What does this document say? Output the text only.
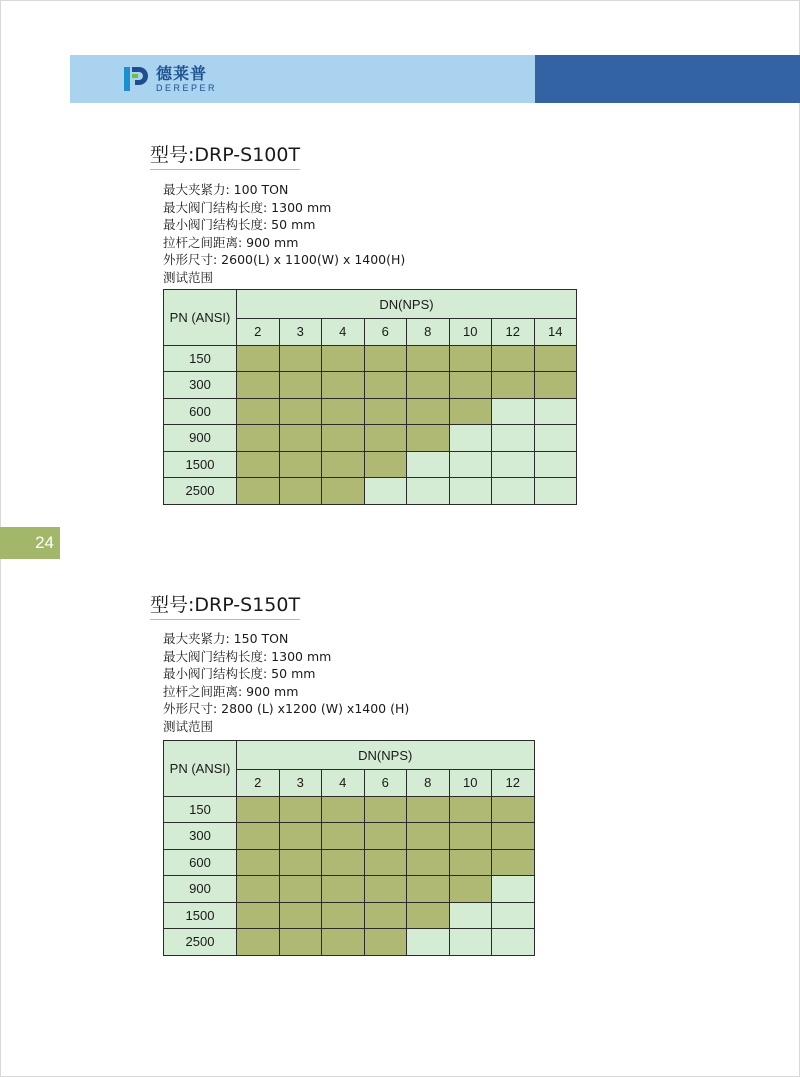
德莱普
DEREPER
24
型号:DRP-S100T
最大夹紧力: 100 TON
最大阀门结构长度: 1300 mm
最小阀门结构长度: 50 mm
拉杆之间距离: 900 mm
外形尺寸: 2600(L) x 1100(W) x 1400(H)
测试范围
PN (ANSI)	DN(NPS)							
	2	3	4	6	8	10	12	14
150								
300								
600								
900								
1500								
2500								
型号:DRP-S150T
最大夹紧力: 150 TON
最大阀门结构长度: 1300 mm
最小阀门结构长度: 50 mm
拉杆之间距离: 900 mm
外形尺寸: 2800 (L) x1200 (W) x1400 (H)
测试范围
PN (ANSI)	DN(NPS)						
	2	3	4	6	8	10	12
150							
300							
600							
900							
1500							
2500							
